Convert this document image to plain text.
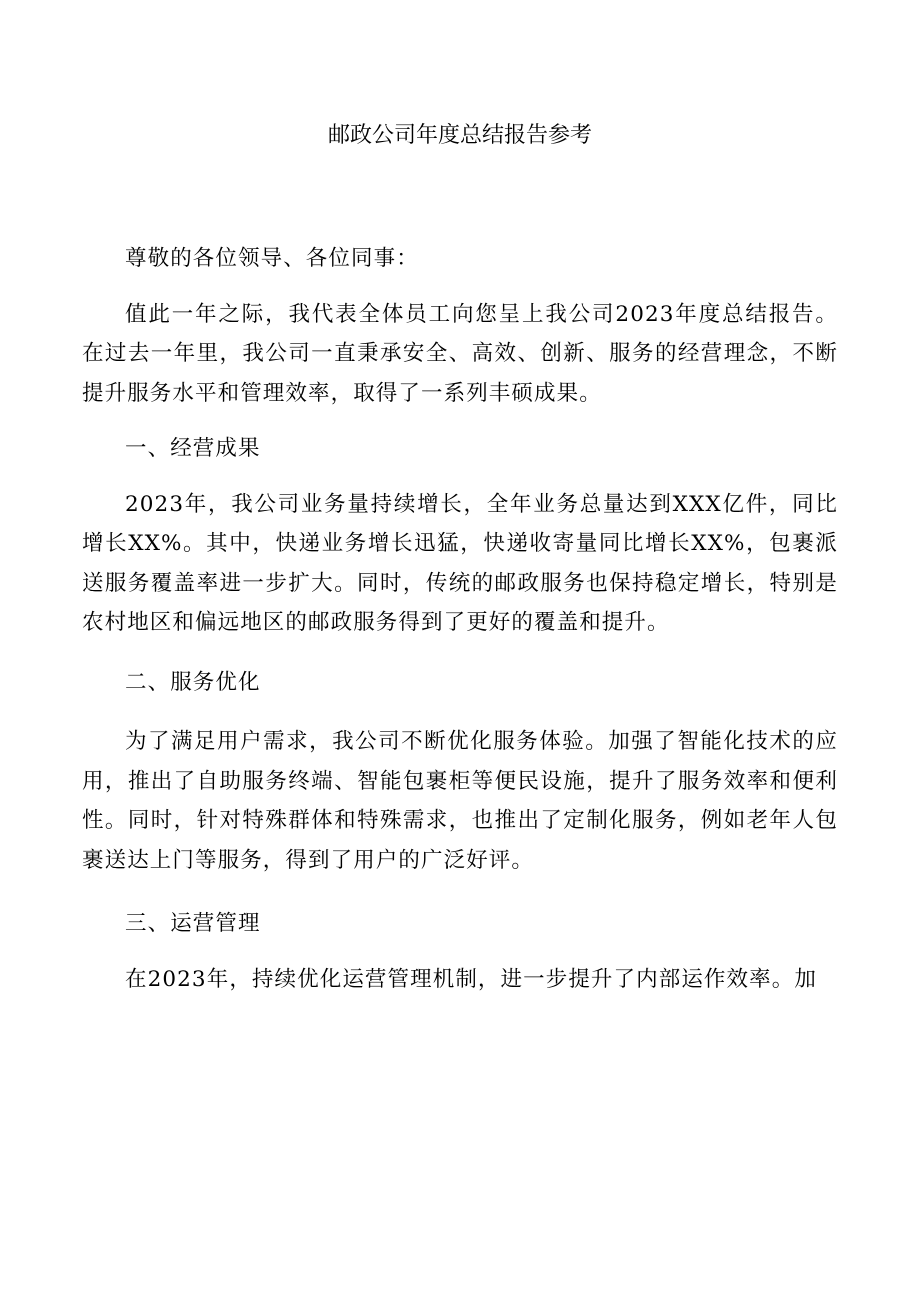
邮政公司年度总结报告参考

尊敬的各位领导、各位同事：

值此一年之际，我代表全体员工向您呈上我公司2023年度总结报告。在过去一年里，我公司一直秉承安全、高效、创新、服务的经营理念，不断提升服务水平和管理效率，取得了一系列丰硕成果。

一、经营成果

2023年，我公司业务量持续增长，全年业务总量达到XXX亿件，同比增长XX%。其中，快递业务增长迅猛，快递收寄量同比增长XX%，包裹派送服务覆盖率进一步扩大。同时，传统的邮政服务也保持稳定增长，特别是农村地区和偏远地区的邮政服务得到了更好的覆盖和提升。

二、服务优化

为了满足用户需求，我公司不断优化服务体验。加强了智能化技术的应用，推出了自助服务终端、智能包裹柜等便民设施，提升了服务效率和便利性。同时，针对特殊群体和特殊需求，也推出了定制化服务，例如老年人包裹送达上门等服务，得到了用户的广泛好评。

三、运营管理

在2023年，持续优化运营管理机制，进一步提升了内部运作效率。加
